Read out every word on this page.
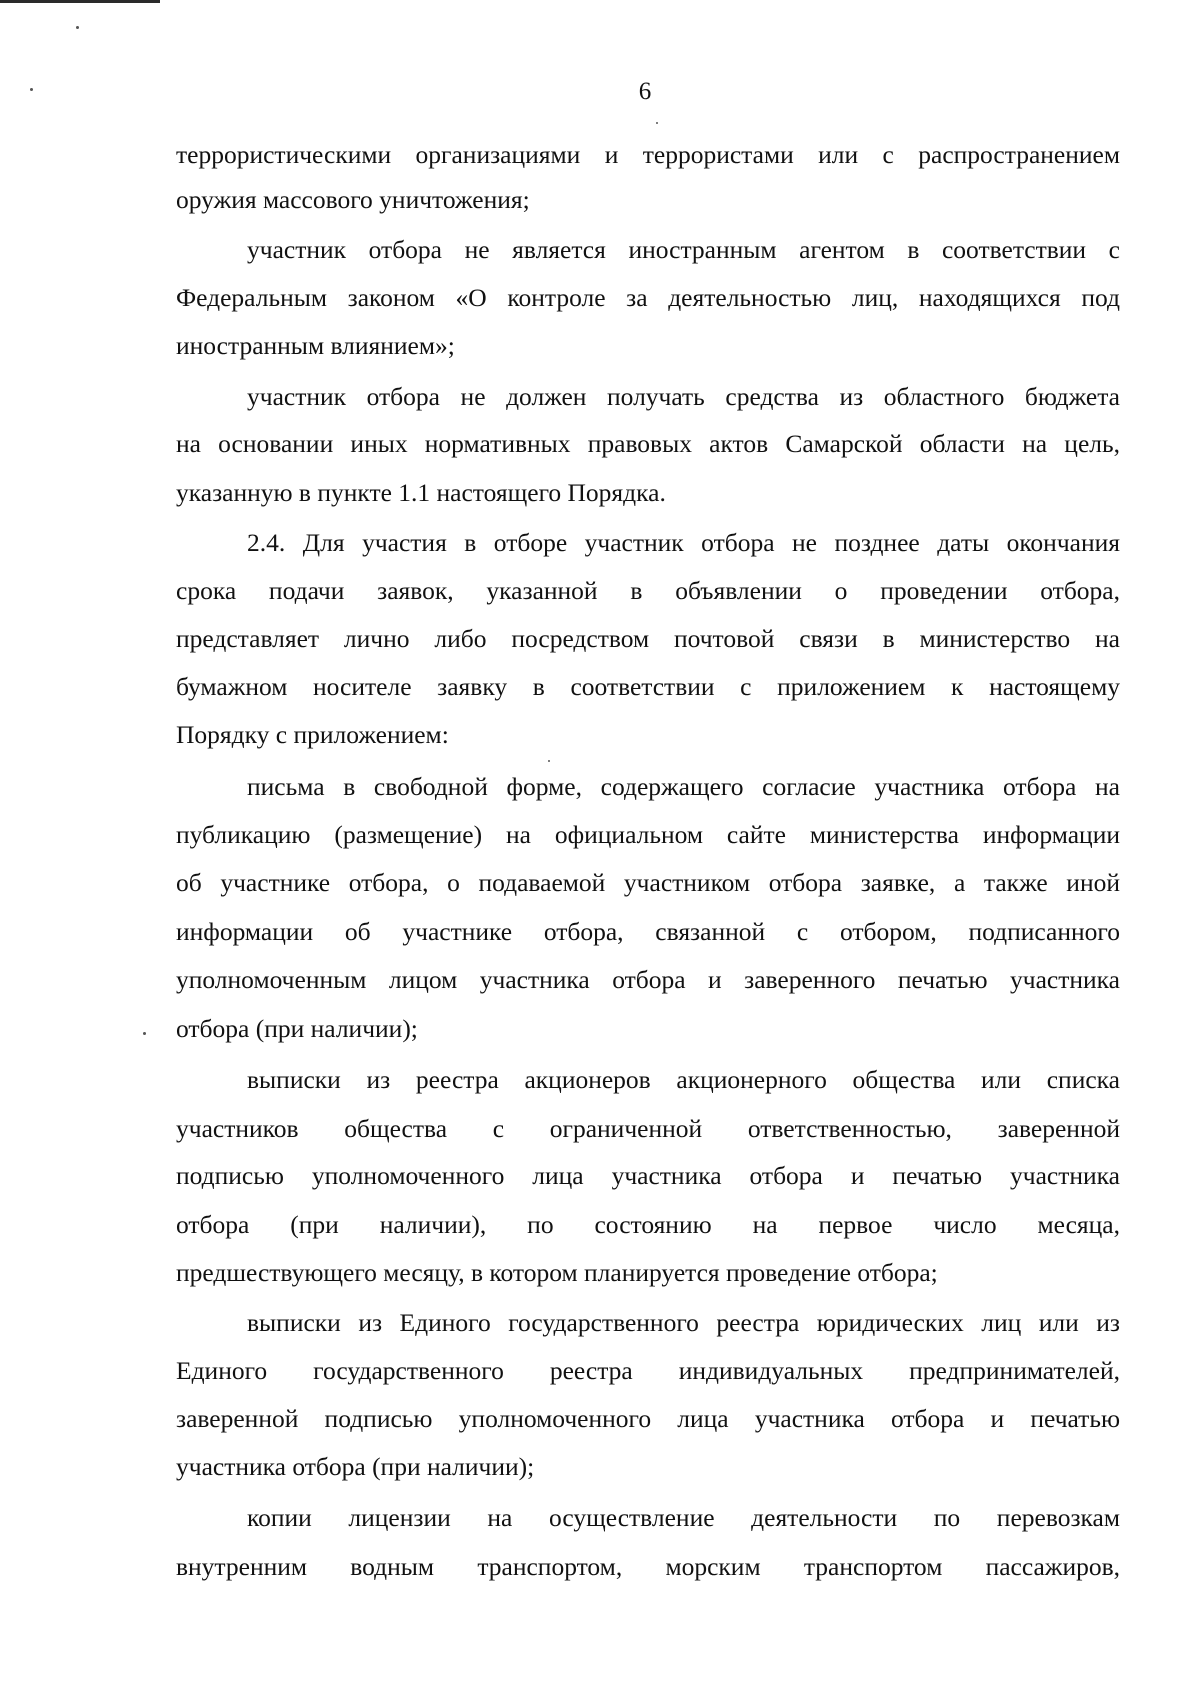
6
террористическими организациями и террористами или с распространением
оружия массового уничтожения;
участник отбора не является иностранным агентом в соответствии с
Федеральным законом «О контроле за деятельностью лиц, находящихся под
иностранным влиянием»;
участник отбора не должен получать средства из областного бюджета
на основании иных нормативных правовых актов Самарской области на цель,
указанную в пункте 1.1 настоящего Порядка.
2.4. Для участия в отборе участник отбора не позднее даты окончания
срока подачи заявок, указанной в объявлении о проведении отбора,
представляет лично либо посредством почтовой связи в министерство на
бумажном носителе заявку в соответствии с приложением к настоящему
Порядку с приложением:
письма в свободной форме, содержащего согласие участника отбора на
публикацию (размещение) на официальном сайте министерства информации
об участнике отбора, о подаваемой участником отбора заявке, а также иной
информации об участнике отбора, связанной с отбором, подписанного
уполномоченным лицом участника отбора и заверенного печатью участника
отбора (при наличии);
выписки из реестра акционеров акционерного общества или списка
участников общества с ограниченной ответственностью, заверенной
подписью уполномоченного лица участника отбора и печатью участника
отбора (при наличии), по состоянию на первое число месяца,
предшествующего месяцу, в котором планируется проведение отбора;
выписки из Единого государственного реестра юридических лиц или из
Единого государственного реестра индивидуальных предпринимателей,
заверенной подписью уполномоченного лица участника отбора и печатью
участника отбора (при наличии);
копии лицензии на осуществление деятельности по перевозкам
внутренним водным транспортом, морским транспортом пассажиров,
